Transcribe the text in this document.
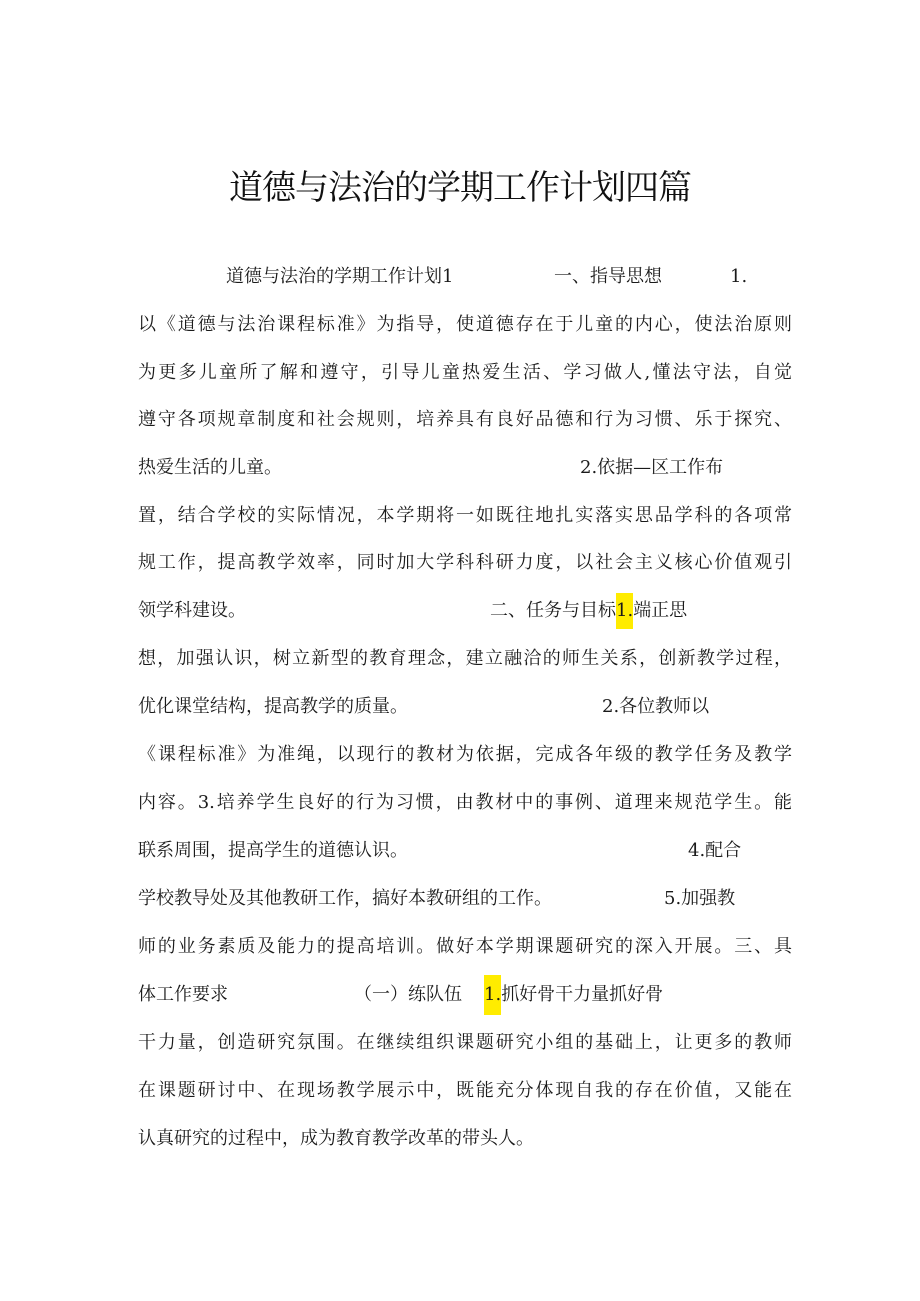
道德与法治的学期工作计划四篇
道德与法治的学期工作计划1	一、指导思想	1.
以《道德与法治课程标准》为指导，使道德存在于儿童的内心，使法治原则
为更多儿童所了解和遵守，引导儿童热爱生活、学习做人,懂法守法，自觉
遵守各项规章制度和社会规则，培养具有良好品德和行为习惯、乐于探究、
热爱生活的儿童。	2.依据—区工作布
置，结合学校的实际情况，本学期将一如既往地扎实落实思品学科的各项常
规工作，提高教学效率，同时加大学科科研力度，以社会主义核心价值观引
领学科建设。	二、任务与目标1.端正思
想，加强认识，树立新型的教育理念，建立融洽的师生关系，创新教学过程，
优化课堂结构，提高教学的质量。	2.各位教师以
《课程标准》为准绳，以现行的教材为依据，完成各年级的教学任务及教学
内容。3.培养学生良好的行为习惯，由教材中的事例、道理来规范学生。能
联系周围，提高学生的道德认识。	4.配合
学校教导处及其他教研工作，搞好本教研组的工作。	5.加强教
师的业务素质及能力的提高培训。做好本学期课题研究的深入开展。三、具
体工作要求	（一）练队伍 1.抓好骨干力量抓好骨
干力量，创造研究氛围。在继续组织课题研究小组的基础上，让更多的教师
在课题研讨中、在现场教学展示中，既能充分体现自我的存在价值，又能在
认真研究的过程中，成为教育教学改革的带头人。
